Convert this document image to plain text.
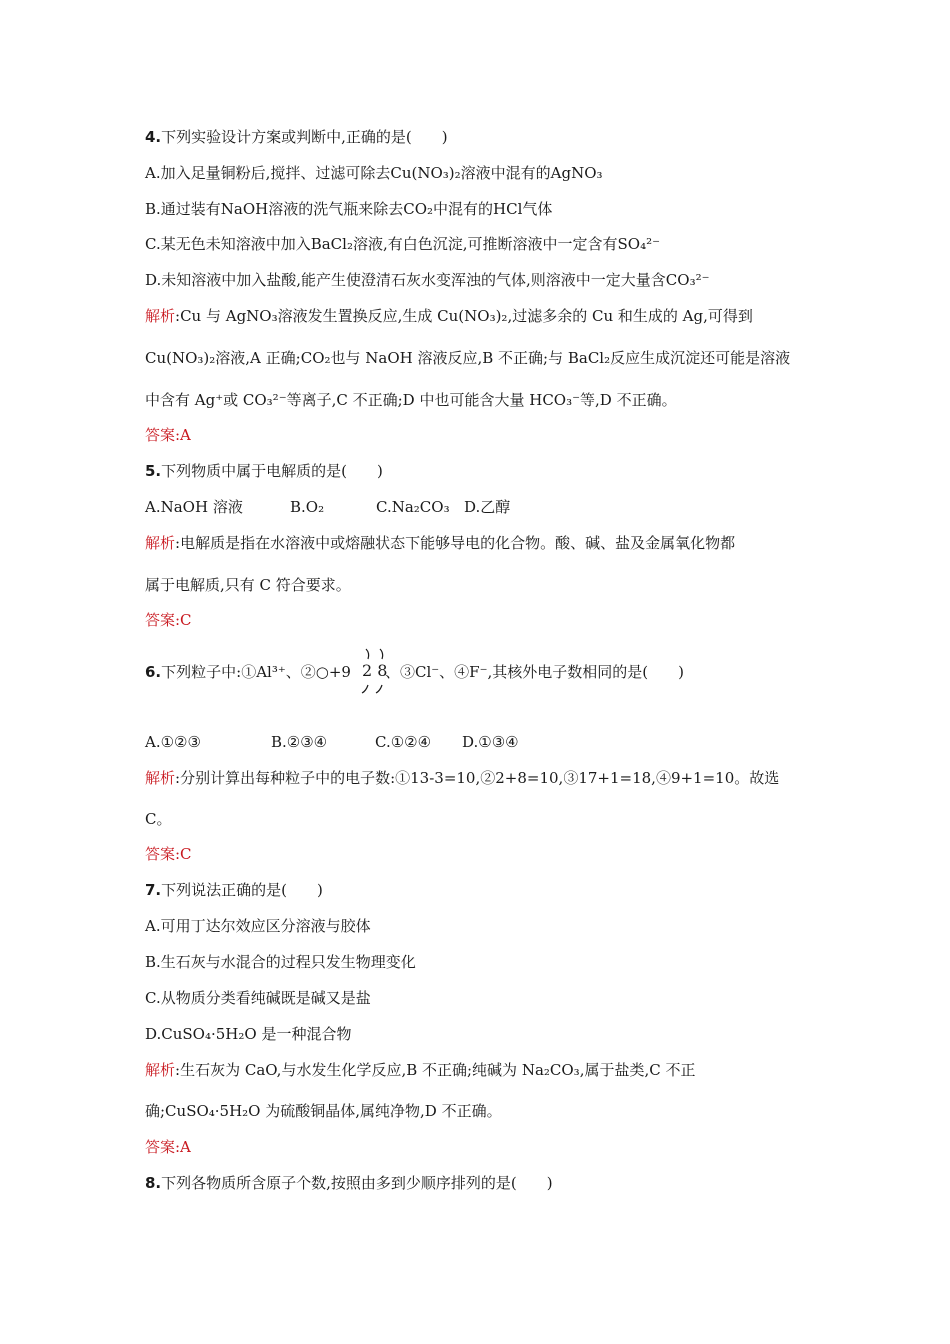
4.下列实验设计方案或判断中,正确的是(　　)
A.加入足量铜粉后,搅拌、过滤可除去Cu(NO₃)₂溶液中混有的AgNO₃
B.通过装有NaOH溶液的洗气瓶来除去CO₂中混有的HCl气体
C.某无色未知溶液中加入BaCl₂溶液,有白色沉淀,可推断溶液中一定含有SO₄²⁻
D.未知溶液中加入盐酸,能产生使澄清石灰水变浑浊的气体,则溶液中一定大量含CO₃²⁻
解析:Cu 与 AgNO₃溶液发生置换反应,生成 Cu(NO₃)₂,过滤多余的 Cu 和生成的 Ag,可得到
Cu(NO₃)₂溶液,A 正确;CO₂也与 NaOH 溶液反应,B 不正确;与 BaCl₂反应生成沉淀还可能是溶液
中含有 Ag⁺或 CO₃²⁻等离子,C 不正确;D 中也可能含大量 HCO₃⁻等,D 不正确。
答案:A
5.下列物质中属于电解质的是(　　)
A.NaOH 溶液	B.O₂	C.Na₂CO₃ D.乙醇
解析:电解质是指在水溶液中或熔融状态下能够导电的化合物。酸、碱、盐及金属氧化物都
属于电解质,只有 C 符合要求。
答案:C
6.下列粒子中:①Al³⁺、②○+9 、③Cl⁻、④F⁻,其核外电子数相同的是(　　)
2 8
A.①②③	B.②③④	C.①②④ D.①③④
解析:分别计算出每种粒子中的电子数:①13-3=10,②2+8=10,③17+1=18,④9+1=10。故选
C。
答案:C
7.下列说法正确的是(　　)
A.可用丁达尔效应区分溶液与胶体
B.生石灰与水混合的过程只发生物理变化
C.从物质分类看纯碱既是碱又是盐
D.CuSO₄·5H₂O 是一种混合物
解析:生石灰为 CaO,与水发生化学反应,B 不正确;纯碱为 Na₂CO₃,属于盐类,C 不正
确;CuSO₄·5H₂O 为硫酸铜晶体,属纯净物,D 不正确。
答案:A
8.下列各物质所含原子个数,按照由多到少顺序排列的是(　　)
